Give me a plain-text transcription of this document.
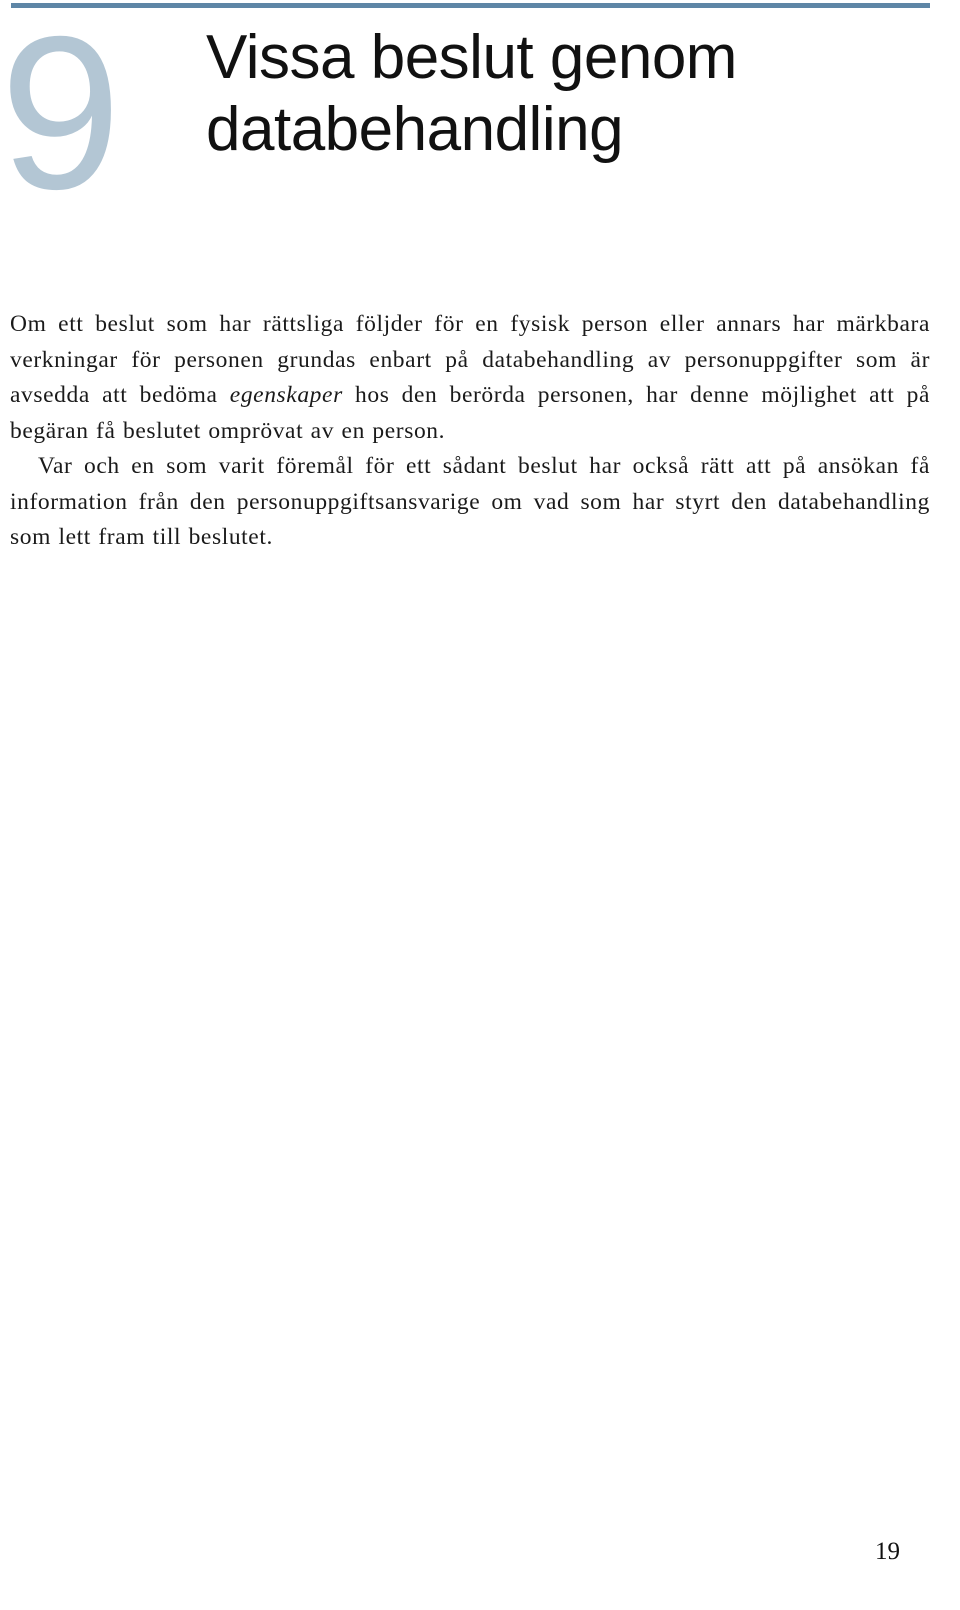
9 Vissa beslut genom databehandling

Om ett beslut som har rättsliga följder för en fysisk person eller annars har märkbara verkningar för personen grundas enbart på databehandling av personuppgifter som är avsedda att bedöma egenskaper hos den berörda personen, har denne möjlighet att på begäran få beslutet omprövat av en person.

Var och en som varit föremål för ett sådant beslut har också rätt att på ansökan få information från den personuppgiftsansvarige om vad som har styrt den databehandling som lett fram till beslutet.

19
